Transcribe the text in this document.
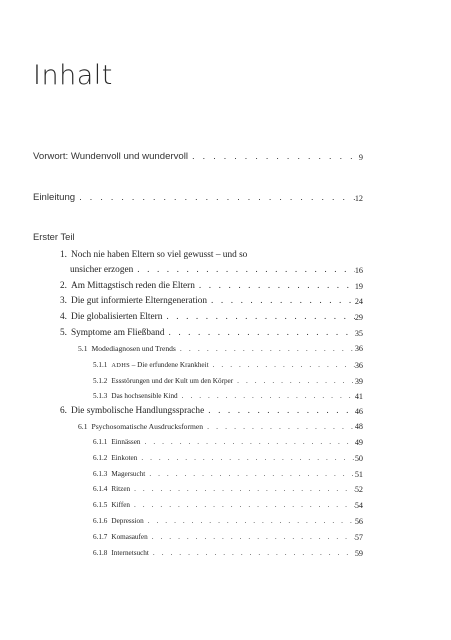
Inhalt
Vorwort: Wundenvoll und wundervoll . . .	9
Einleitung . . .	12
Erster Teil
1. Noch nie haben Eltern so viel gewusst – und so
unsicher erzogen . . .	16
2. Am Mittagstisch reden die Eltern . . .	19
3. Die gut informierte Elterngeneration . . .	24
4. Die globalisierten Eltern . . .	29
5. Symptome am Fließband . . .	35
5.1 Modediagnosen und Trends . . .	36
5.1.1 ADHS – Die erfundene Krankheit . . .	36
5.1.2 Essstörungen und der Kult um den Körper . . .	39
5.1.3 Das hochsensible Kind . . .	41
6. Die symbolische Handlungssprache . . .	46
6.1 Psychosomatische Ausdrucksformen . . .	48
6.1.1 Einnässen . . .	49
6.1.2 Einkoten . . .	50
6.1.3 Magersucht . . .	51
6.1.4 Ritzen . . .	52
6.1.5 Kiffen . . .	54
6.1.6 Depression . . .	56
6.1.7 Komasaufen . . .	57
6.1.8 Internetsucht . . .	59
